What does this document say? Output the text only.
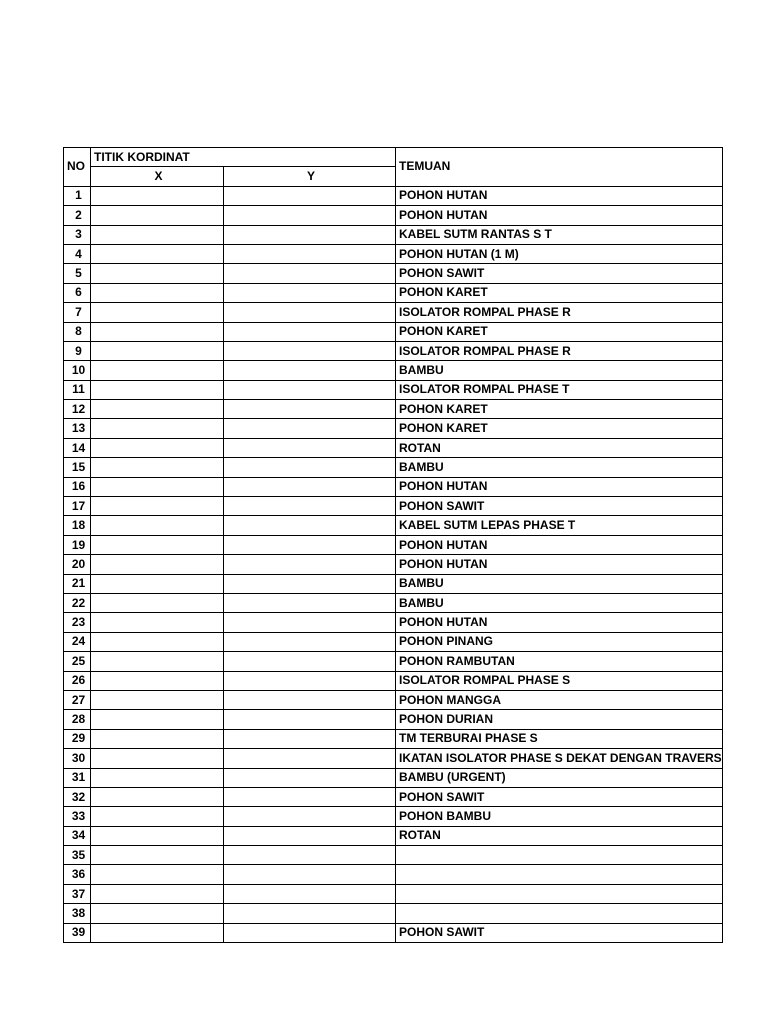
NO	TITIK KORDINAT		TEMUAN
	X	Y	
1			POHON HUTAN
2			POHON HUTAN
3			KABEL SUTM RANTAS S T
4			POHON HUTAN (1 M)
5			POHON SAWIT
6			POHON KARET
7			ISOLATOR ROMPAL PHASE R
8			POHON KARET
9			ISOLATOR ROMPAL PHASE R
10			BAMBU
11			ISOLATOR ROMPAL PHASE T
12			POHON KARET
13			POHON KARET
14			ROTAN
15			BAMBU
16			POHON HUTAN
17			POHON SAWIT
18			KABEL SUTM LEPAS PHASE T
19			POHON HUTAN
20			POHON HUTAN
21			BAMBU
22			BAMBU
23			POHON HUTAN
24			POHON PINANG
25			POHON RAMBUTAN
26			ISOLATOR ROMPAL PHASE S
27			POHON MANGGA
28			POHON DURIAN
29			TM TERBURAI PHASE S
30			IKATAN ISOLATOR PHASE S DEKAT DENGAN TRAVERS
31			BAMBU (URGENT)
32			POHON SAWIT
33			POHON BAMBU
34			ROTAN
35			
36			
37			
38			
39			POHON SAWIT
